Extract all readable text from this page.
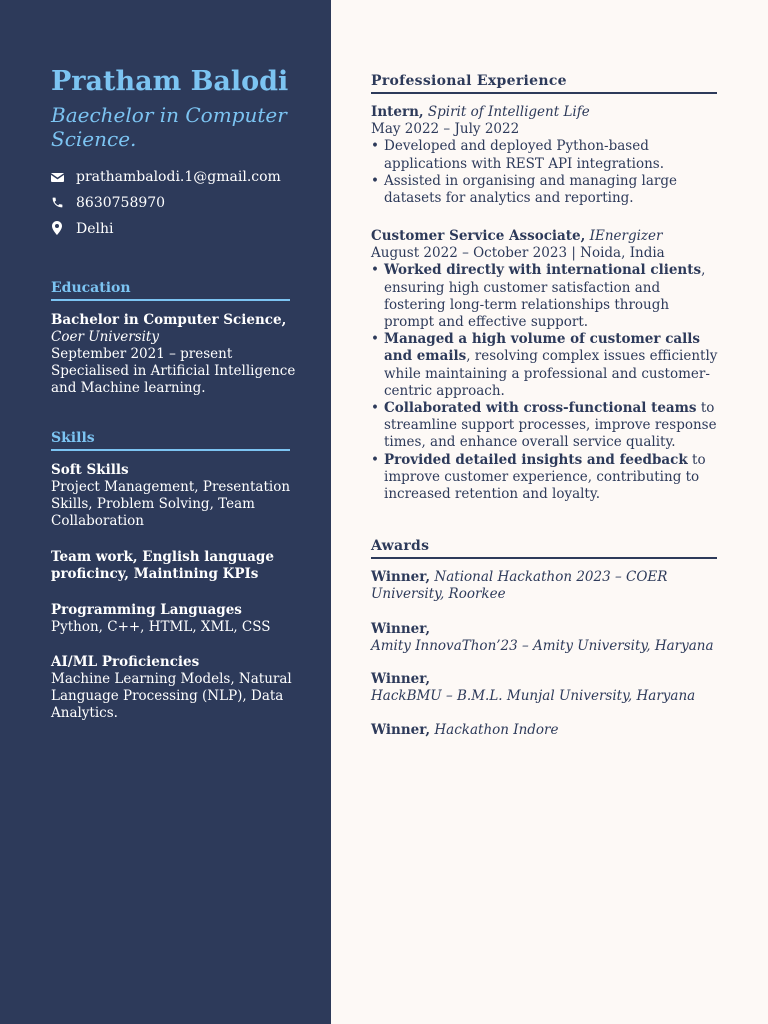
Pratham Balodi
Baechelor in Computer Science.
prathambalodi.1@gmail.com
8630758970
Delhi
Education
Bachelor in Computer Science,
Coer University
September 2021 – present
Specialised in Artificial Intelligence and Machine learning.
Skills
Soft Skills
Project Management, Presentation Skills, Problem Solving, Team Collaboration
Team work, English language proficincy, Maintining KPIs
Programming Languages
Python, C++, HTML, XML, CSS
AI/ML Proficiencies
Machine Learning Models, Natural Language Processing (NLP), Data Analytics.
Professional Experience
Intern, Spirit of Intelligent Life
May 2022 – July 2022
• Developed and deployed Python-based applications with REST API integrations.
• Assisted in organising and managing large datasets for analytics and reporting.
Customer Service Associate, IEnergizer
August 2022 – October 2023 | Noida, India
• Worked directly with international clients, ensuring high customer satisfaction and fostering long-term relationships through prompt and effective support.
• Managed a high volume of customer calls and emails, resolving complex issues efficiently while maintaining a professional and customer-centric approach.
• Collaborated with cross-functional teams to streamline support processes, improve response times, and enhance overall service quality.
• Provided detailed insights and feedback to improve customer experience, contributing to increased retention and loyalty.
Awards
Winner, National Hackathon 2023 – COER University, Roorkee
Winner,
Amity InnovaThon’23 – Amity University, Haryana
Winner,
HackBMU – B.M.L. Munjal University, Haryana
Winner, Hackathon Indore
